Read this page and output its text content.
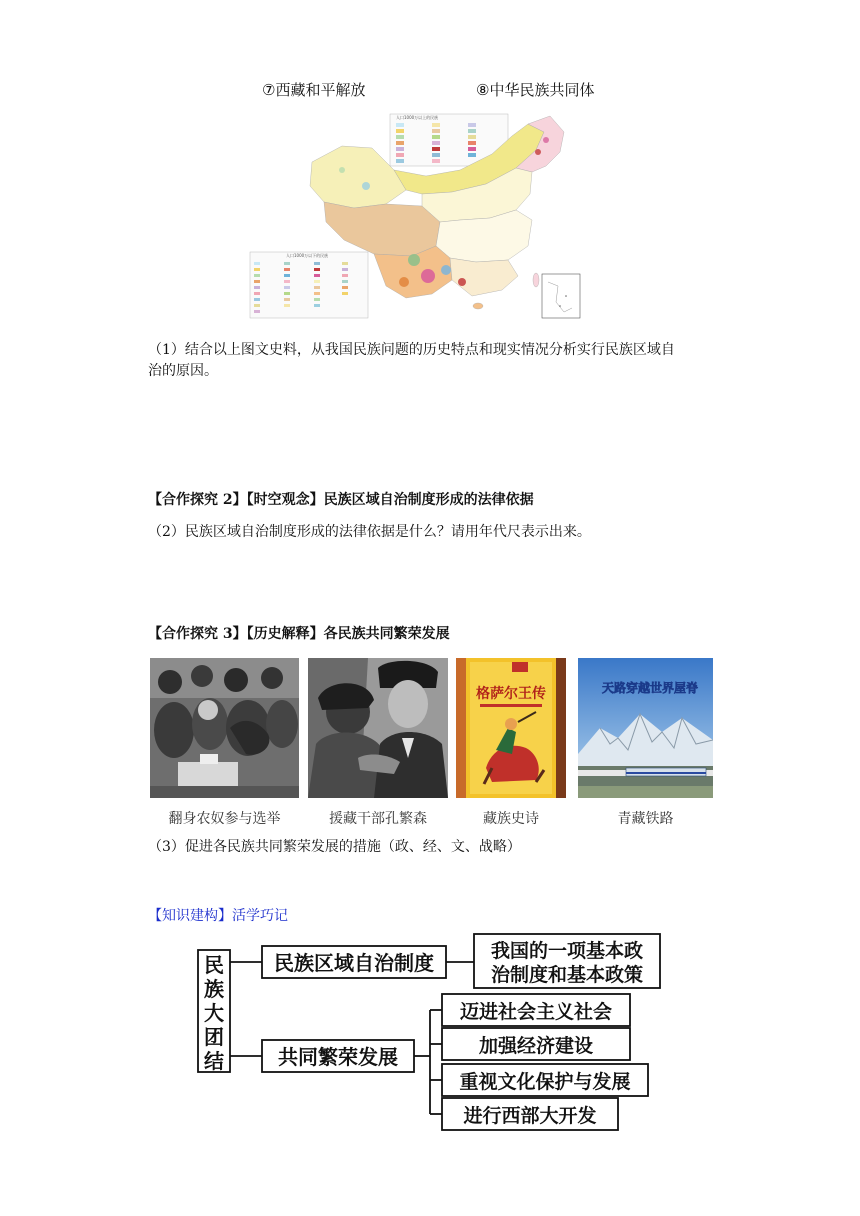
⑦西藏和平解放	⑧中华民族共同体
人口1000万以上的民族
人口1000万以下的民族
（1）结合以上图文史料，从我国民族问题的历史特点和现实情况分析实行民族区域自
治的原因。
【合作探究 2】【时空观念】民族区域自治制度形成的法律依据
（2）民族区域自治制度形成的法律依据是什么？请用年代尺表示出来。
【合作探究 3】【历史解释】各民族共同繁荣发展
格萨尔王传	天路穿越世界屋脊
翻身农奴参与选举	援藏干部孔繁森	藏族史诗	青藏铁路
（3）促进各民族共同繁荣发展的措施（政、经、文、战略）
【知识建构】活学巧记
民
族
大
团
结
民族区域自治制度	我国的一项基本政
治制度和基本政策
共同繁荣发展
迈进社会主义社会
加强经济建设
重视文化保护与发展
进行西部大开发
